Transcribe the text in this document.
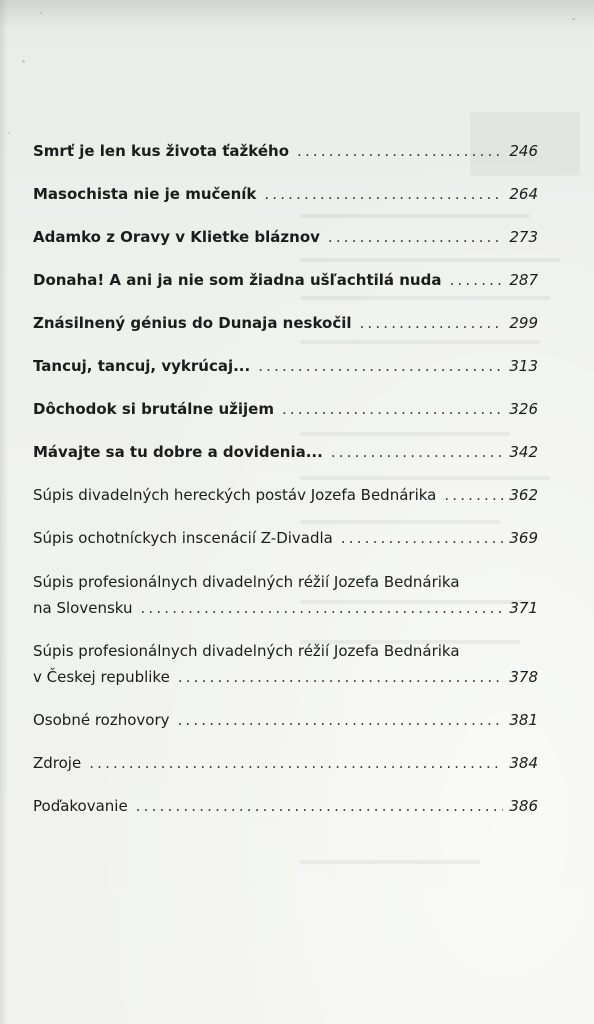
Smrť je len kus života ťažkého . . .	246
Masochista nie je mučeník . . .	264
Adamko z Oravy v Klietke bláznov . . .	273
Donaha! A ani ja nie som žiadna ušľachtilá nuda . . .	287
Znásilnený génius do Dunaja neskočil . . .	299
Tancuj, tancuj, vykrúcaj... . . .	313
Dôchodok si brutálne užijem . . .	326
Mávajte sa tu dobre a dovidenia... . . .	342
Súpis divadelných hereckých postáv Jozefa Bednárika . . .	362
Súpis ochotníckych inscenácií Z-Divadla . . .	369
Súpis profesionálnych divadelných réžií Jozefa Bednárika
na Slovensku . . .	371
Súpis profesionálnych divadelných réžií Jozefa Bednárika
v Českej republike . . .	378
Osobné rozhovory . . .	381
Zdroje . . .	384
Poďakovanie . . .	386
